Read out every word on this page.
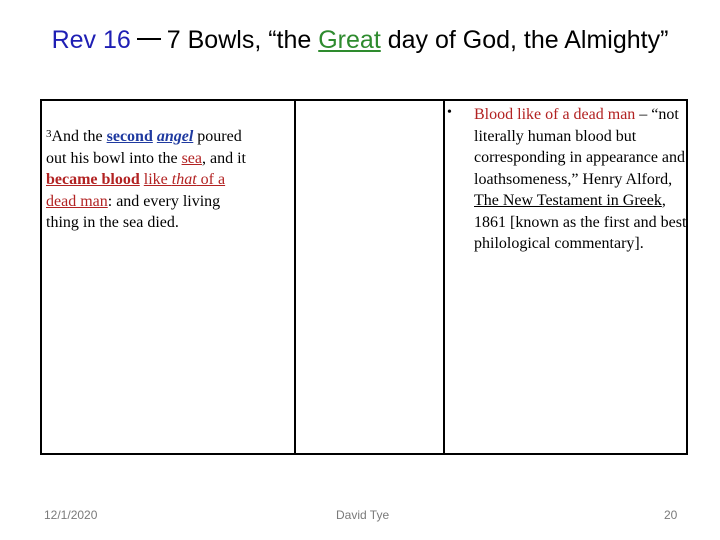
Rev 16 7 Bowls, “the Great day of God, the Almighty”
$^3$And the second angel poured out his bowl into the sea, and it became blood like that of a dead man: and every living thing in the sea died.
• Blood like of a dead man – “not literally human blood but corresponding in appearance and loathsomeness,” Henry Alford, The New Testament in Greek, 1861 [known as the first and best philological commentary].
12/1/2020	David Tye	20
